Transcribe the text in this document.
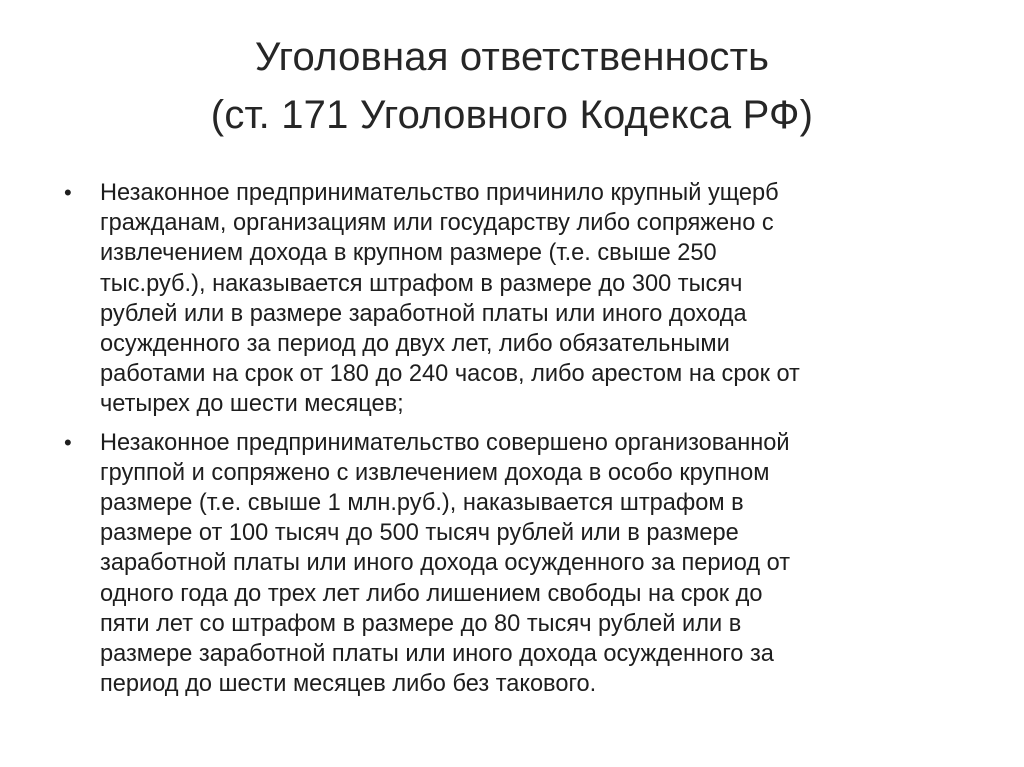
Уголовная ответственность
(ст. 171 Уголовного Кодекса РФ)
•	Незаконное предпринимательство причинило крупный ущерб
гражданам, организациям или государству либо сопряжено с
извлечением дохода в крупном размере (т.е. свыше 250
тыс.руб.), наказывается штрафом в размере до 300 тысяч
рублей или в размере заработной платы или иного дохода
осужденного за период до двух лет, либо обязательными
работами на срок от 180 до 240 часов, либо арестом на срок от
четырех до шести месяцев;
•	Незаконное предпринимательство совершено организованной
группой и сопряжено с извлечением дохода в особо крупном
размере (т.е. свыше 1 млн.руб.), наказывается штрафом в
размере от 100 тысяч до 500 тысяч рублей или в размере
заработной платы или иного дохода осужденного за период от
одного года до трех лет либо лишением свободы на срок до
пяти лет со штрафом в размере до 80 тысяч рублей или в
размере заработной платы или иного дохода осужденного за
период до шести месяцев либо без такового.
